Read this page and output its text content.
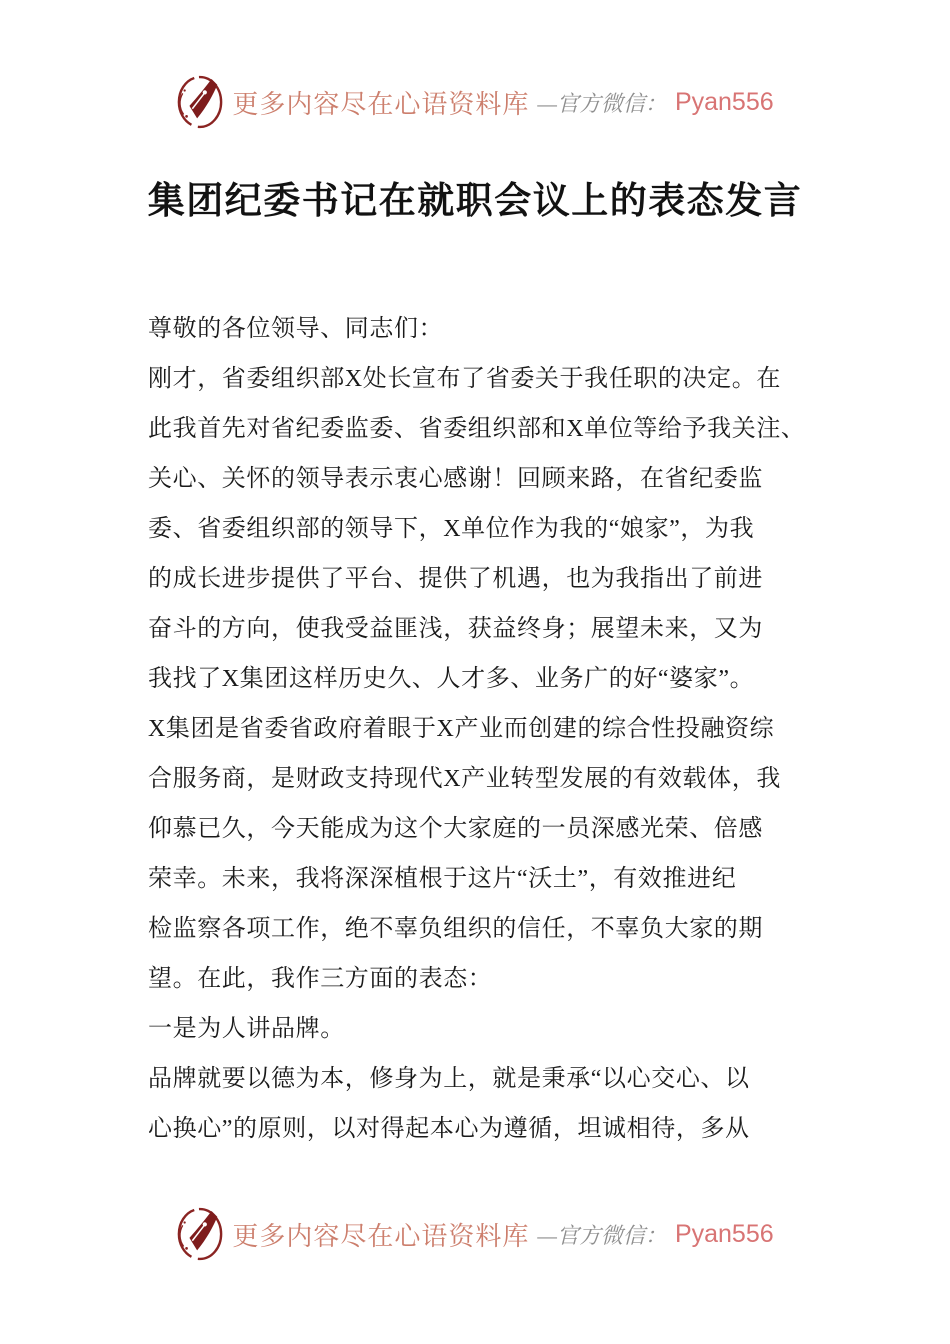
更多内容尽在心语资料库 —官方微信： Pyan556
集团纪委书记在就职会议上的表态发言
尊敬的各位领导、同志们：
刚才，省委组织部X处长宣布了省委关于我任职的决定。在
此我首先对省纪委监委、省委组织部和X单位等给予我关注、
关心、关怀的领导表示衷心感谢！回顾来路，在省纪委监
委、省委组织部的领导下，X单位作为我的“娘家”，为我
的成长进步提供了平台、提供了机遇，也为我指出了前进
奋斗的方向，使我受益匪浅，获益终身；展望未来，又为
我找了X集团这样历史久、人才多、业务广的好“婆家”。
X集团是省委省政府着眼于X产业而创建的综合性投融资综
合服务商，是财政支持现代X产业转型发展的有效载体，我
仰慕已久，今天能成为这个大家庭的一员深感光荣、倍感
荣幸。未来，我将深深植根于这片“沃土”，有效推进纪
检监察各项工作，绝不辜负组织的信任，不辜负大家的期
望。在此，我作三方面的表态：
一是为人讲品牌。
品牌就要以德为本，修身为上，就是秉承“以心交心、以
心换心”的原则，以对得起本心为遵循，坦诚相待，多从
更多内容尽在心语资料库 —官方微信： Pyan556
